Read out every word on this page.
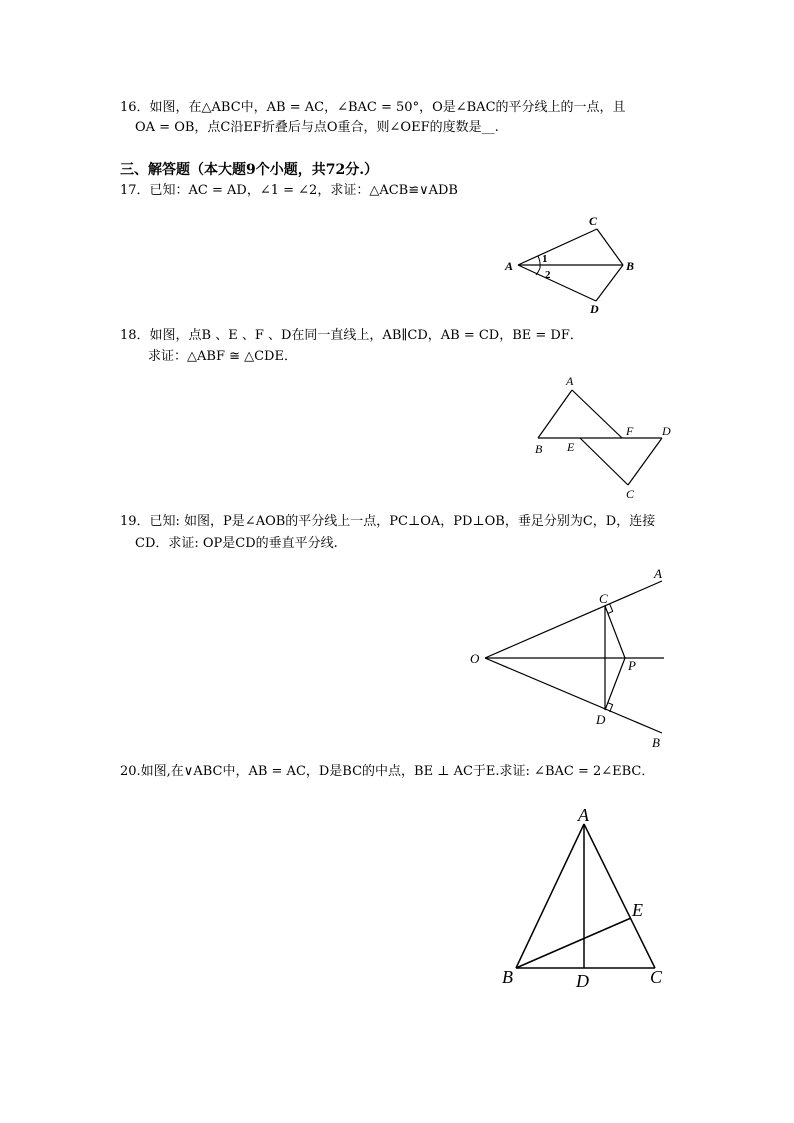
16．如图，在△ABC中，AB = AC，∠BAC = 50°，O是∠BAC的平分线上的一点，且
OA = OB，点C沿EF折叠后与点O重合，则∠OEF的度数是__.
三、解答题（本大题9个小题，共72分.）
17．已知：AC = AD，∠1 = ∠2，求证：△ACB≌∨ADB
A
C
B
D
1
2
18．如图，点B 、E 、F 、D在同一直线上，AB∥CD，AB = CD，BE = DF．
求证：△ABF ≅ △CDE．
A
B E
F D
C
19．已知: 如图，P是∠AOB的平分线上一点，PC⊥OA，PD⊥OB，垂足分别为C，D，连接
CD．求证: OP是CD的垂直平分线.
O
A
C
P
D
B
20.如图,在∨ABC中，AB = AC，D是BC的中点，BE ⊥ AC于E.求证: ∠BAC = 2∠EBC．
A
E
B	D	C
